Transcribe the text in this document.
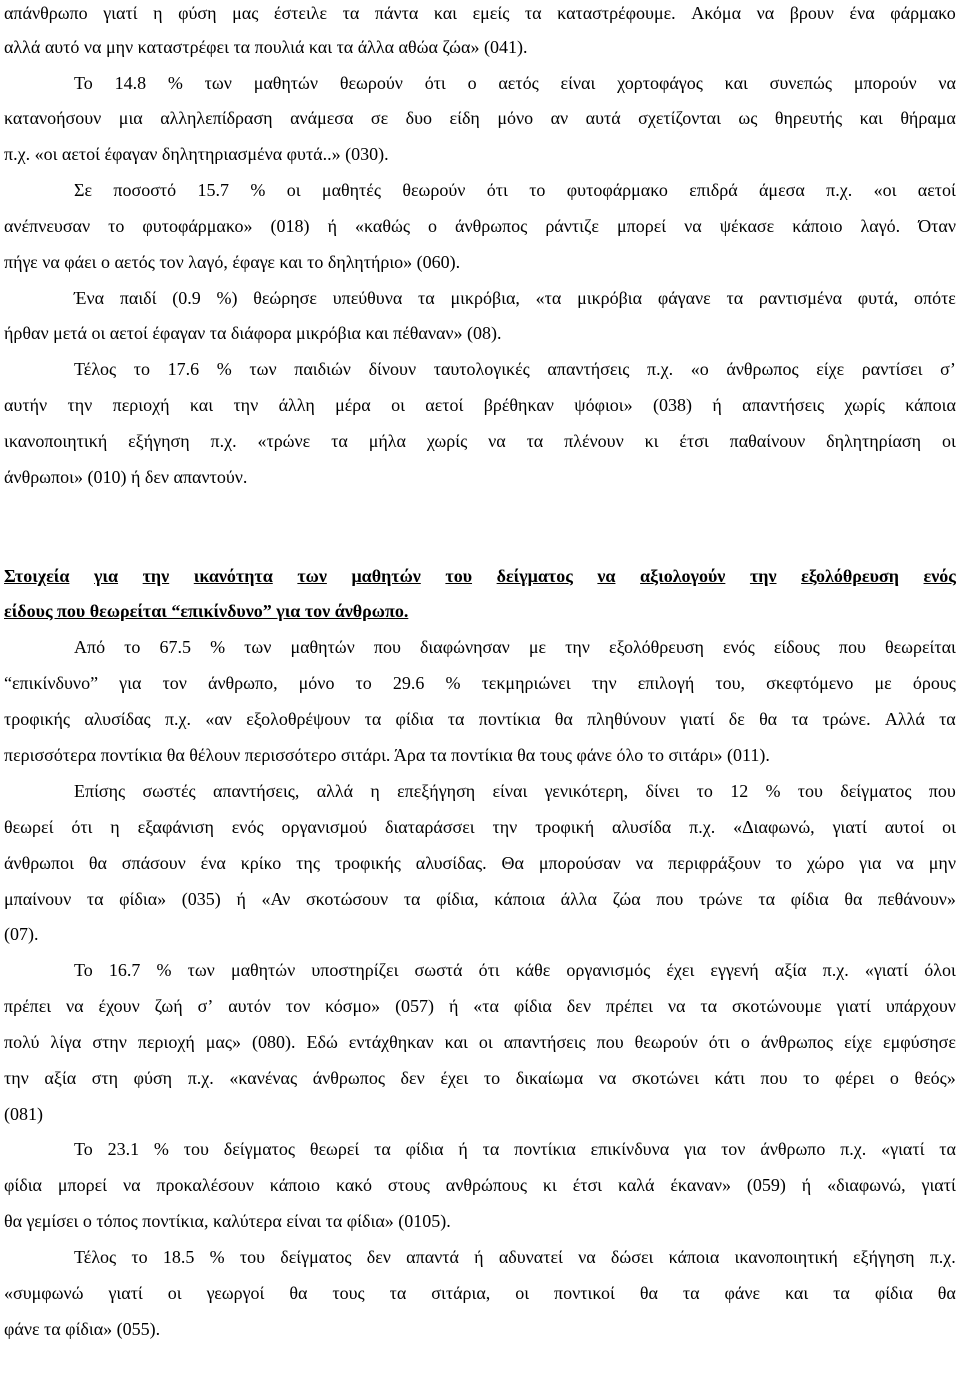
απάνθρωπο γιατί η φύση μας έστειλε τα πάντα και εμείς τα καταστρέφουμε. Ακόμα να βρουν ένα φάρμακο
αλλά αυτό να μην καταστρέφει τα πουλιά και τα άλλα αθώα ζώα» (041).
Το 14.8 % των μαθητών θεωρούν ότι ο αετός είναι χορτοφάγος και συνεπώς μπορούν να
κατανοήσουν μια αλληλεπίδραση ανάμεσα σε δυο είδη μόνο αν αυτά σχετίζονται ως θηρευτής και θήραμα
π.χ. «οι αετοί έφαγαν δηλητηριασμένα φυτά..» (030).
Σε ποσοστό 15.7 % οι μαθητές θεωρούν ότι το φυτοφάρμακο επιδρά άμεσα π.χ. «οι αετοί
ανέπνευσαν το φυτοφάρμακο» (018) ή «καθώς ο άνθρωπος ράντιζε μπορεί να ψέκασε κάποιο λαγό. Όταν
πήγε να φάει ο αετός τον λαγό, έφαγε και το δηλητήριο» (060).
Ένα παιδί (0.9 %) θεώρησε υπεύθυνα τα μικρόβια, «τα μικρόβια φάγανε τα ραντισμένα φυτά, οπότε
ήρθαν μετά οι αετοί έφαγαν τα διάφορα μικρόβια και πέθαναν» (08).
Τέλος το 17.6 % των παιδιών δίνουν ταυτολογικές απαντήσεις π.χ. «ο άνθρωπος είχε ραντίσει σ’
αυτήν την περιοχή και την άλλη μέρα οι αετοί βρέθηκαν ψόφιοι» (038) ή απαντήσεις χωρίς κάποια
ικανοποιητική εξήγηση π.χ. «τρώνε τα μήλα χωρίς να τα πλένουν κι έτσι παθαίνουν δηλητηρίαση οι
άνθρωποι» (010) ή δεν απαντούν.
Στοιχεία για την ικανότητα των μαθητών του δείγματος να αξιολογούν την εξολόθρευση ενός
είδους που θεωρείται “επικίνδυνο” για τον άνθρωπο.
Από το 67.5 % των μαθητών που διαφώνησαν με την εξολόθρευση ενός είδους που θεωρείται
“επικίνδυνο” για τον άνθρωπο, μόνο το 29.6 % τεκμηριώνει την επιλογή του, σκεφτόμενο με όρους
τροφικής αλυσίδας π.χ. «αν εξολοθρέψουν τα φίδια τα ποντίκια θα πληθύνουν γιατί δε θα τα τρώνε. Αλλά τα
περισσότερα ποντίκια θα θέλουν περισσότερο σιτάρι. Άρα τα ποντίκια θα τους φάνε όλο το σιτάρι» (011).
Επίσης σωστές απαντήσεις, αλλά η επεξήγηση είναι γενικότερη, δίνει το 12 % του δείγματος που
θεωρεί ότι η εξαφάνιση ενός οργανισμού διαταράσσει την τροφική αλυσίδα π.χ. «Διαφωνώ, γιατί αυτοί οι
άνθρωποι θα σπάσουν ένα κρίκο της τροφικής αλυσίδας. Θα μπορούσαν να περιφράξουν το χώρο για να μην
μπαίνουν τα φίδια» (035) ή «Αν σκοτώσουν τα φίδια, κάποια άλλα ζώα που τρώνε τα φίδια θα πεθάνουν»
(07).
Το 16.7 % των μαθητών υποστηρίζει σωστά ότι κάθε οργανισμός έχει εγγενή αξία π.χ. «γιατί όλοι
πρέπει να έχουν ζωή σ’ αυτόν τον κόσμο» (057) ή «τα φίδια δεν πρέπει να τα σκοτώνουμε γιατί υπάρχουν
πολύ λίγα στην περιοχή μας» (080). Εδώ εντάχθηκαν και οι απαντήσεις που θεωρούν ότι ο άνθρωπος είχε εμφύσησε
την αξία στη φύση π.χ. «κανένας άνθρωπος δεν έχει το δικαίωμα να σκοτώνει κάτι που το φέρει ο θεός»
(081)
Το 23.1 % του δείγματος θεωρεί τα φίδια ή τα ποντίκια επικίνδυνα για τον άνθρωπο π.χ. «γιατί τα
φίδια μπορεί να προκαλέσουν κάποιο κακό στους ανθρώπους κι έτσι καλά έκαναν» (059) ή «διαφωνώ, γιατί
θα γεμίσει ο τόπος ποντίκια, καλύτερα είναι τα φίδια» (0105).
Τέλος το 18.5 % του δείγματος δεν απαντά ή αδυνατεί να δώσει κάποια ικανοποιητική εξήγηση π.χ.
«συμφωνώ γιατί οι γεωργοί θα τους τα σιτάρια, οι ποντικοί θα τα φάνε και τα φίδια θα
φάνε τα φίδια» (055).
